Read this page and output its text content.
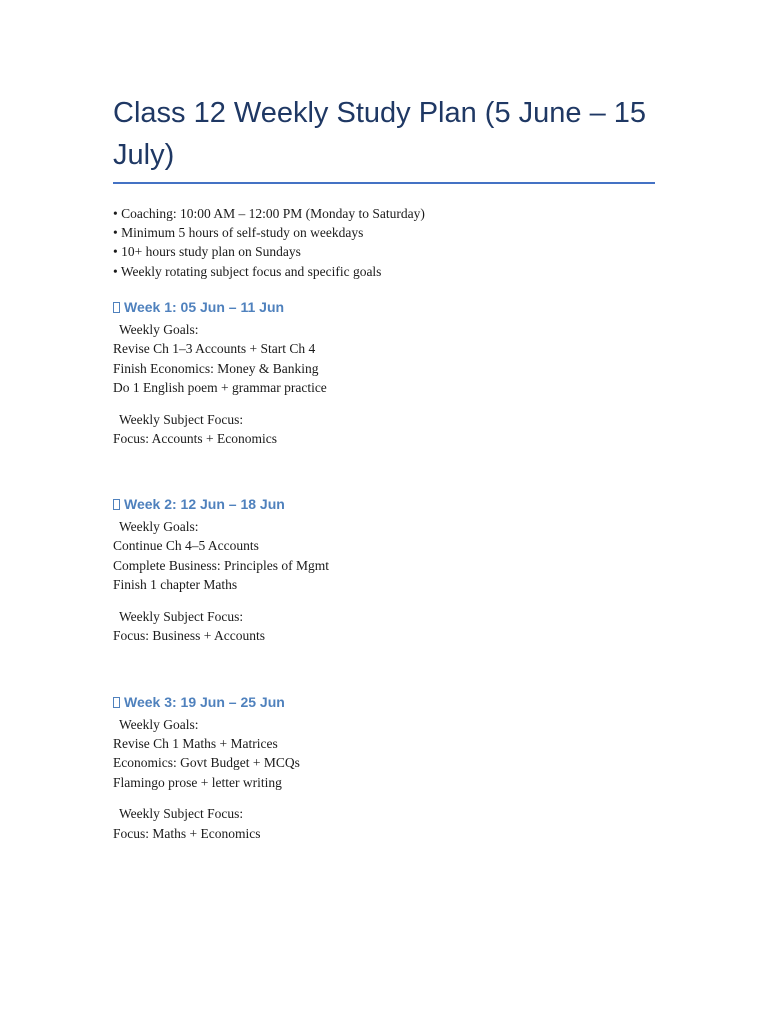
Class 12 Weekly Study Plan (5 June – 15 July)
• Coaching: 10:00 AM – 12:00 PM (Monday to Saturday)
• Minimum 5 hours of self-study on weekdays
• 10+ hours study plan on Sundays
• Weekly rotating subject focus and specific goals
Week 1: 05 Jun – 11 Jun
Weekly Goals:
Revise Ch 1–3 Accounts + Start Ch 4
Finish Economics: Money & Banking
Do 1 English poem + grammar practice
Weekly Subject Focus:
Focus: Accounts + Economics
Week 2: 12 Jun – 18 Jun
Weekly Goals:
Continue Ch 4–5 Accounts
Complete Business: Principles of Mgmt
Finish 1 chapter Maths
Weekly Subject Focus:
Focus: Business + Accounts
Week 3: 19 Jun – 25 Jun
Weekly Goals:
Revise Ch 1 Maths + Matrices
Economics: Govt Budget + MCQs
Flamingo prose + letter writing
Weekly Subject Focus:
Focus: Maths + Economics
